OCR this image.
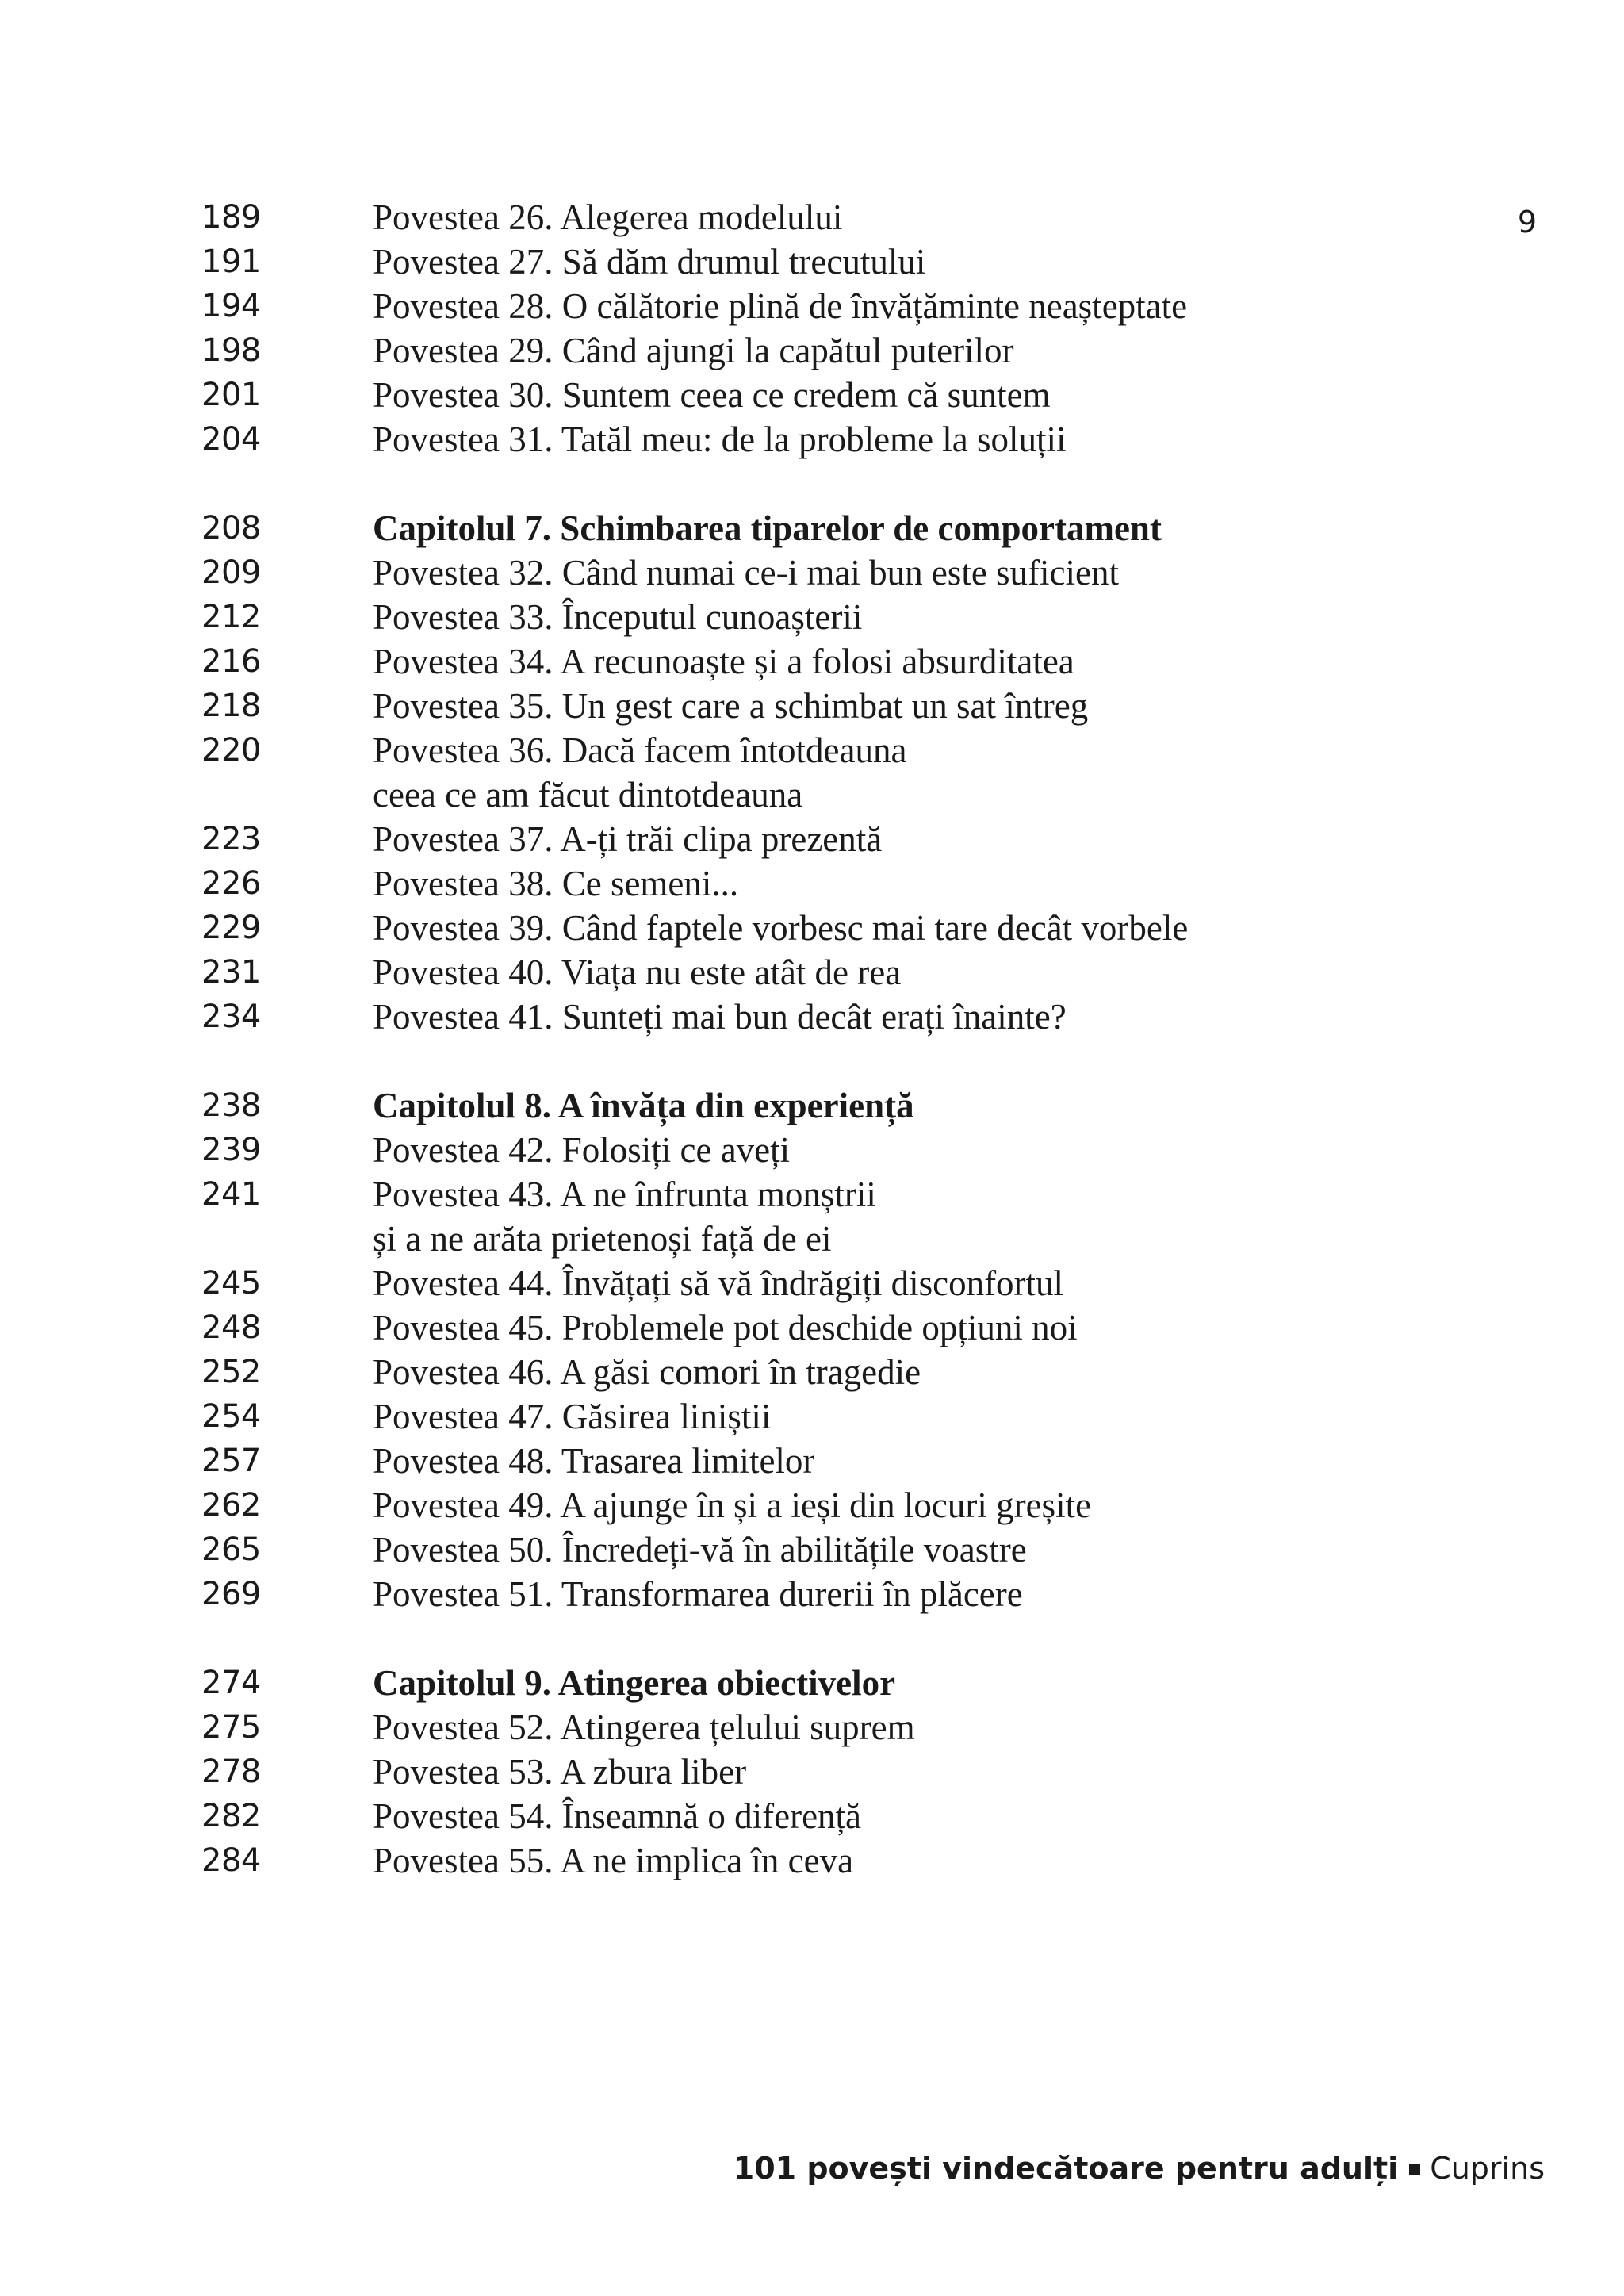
9
189	Povestea 26. Alegerea modelului
191	Povestea 27. Să dăm drumul trecutului
194	Povestea 28. O călătorie plină de învățăminte neașteptate
198	Povestea 29. Când ajungi la capătul puterilor
201	Povestea 30. Suntem ceea ce credem că suntem
204	Povestea 31. Tatăl meu: de la probleme la soluții
208	Capitolul 7. Schimbarea tiparelor de comportament
209	Povestea 32. Când numai ce-i mai bun este suficient
212	Povestea 33. Începutul cunoașterii
216	Povestea 34. A recunoaște și a folosi absurditatea
218	Povestea 35. Un gest care a schimbat un sat întreg
220	Povestea 36. Dacă facem întotdeauna
ceea ce am făcut dintotdeauna
223	Povestea 37. A-ți trăi clipa prezentă
226	Povestea 38. Ce semeni...
229	Povestea 39. Când faptele vorbesc mai tare decât vorbele
231	Povestea 40. Viața nu este atât de rea
234	Povestea 41. Sunteți mai bun decât erați înainte?
238	Capitolul 8. A învăța din experiență
239	Povestea 42. Folosiți ce aveți
241	Povestea 43. A ne înfrunta monștrii
și a ne arăta prietenoși față de ei
245	Povestea 44. Învățați să vă îndrăgiți disconfortul
248	Povestea 45. Problemele pot deschide opțiuni noi
252	Povestea 46. A găsi comori în tragedie
254	Povestea 47. Găsirea liniștii
257	Povestea 48. Trasarea limitelor
262	Povestea 49. A ajunge în și a ieși din locuri greșite
265	Povestea 50. Încredeți-vă în abilitățile voastre
269	Povestea 51. Transformarea durerii în plăcere
274	Capitolul 9. Atingerea obiectivelor
275	Povestea 52. Atingerea țelului suprem
278	Povestea 53. A zbura liber
282	Povestea 54. Înseamnă o diferență
284	Povestea 55. A ne implica în ceva
101 povești vindecătoare pentru adulți Cuprins
